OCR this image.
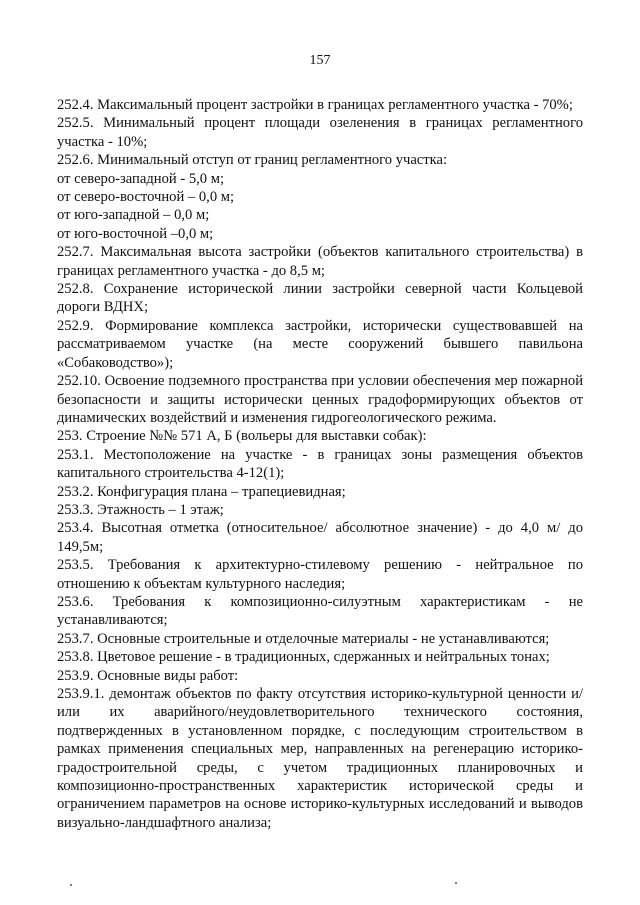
157

252.4. Максимальный процент застройки в границах регламентного участка - 70%;

252.5. Минимальный процент площади озеленения в границах регламентного участка - 10%;

252.6. Минимальный отступ от границ регламентного участка:

от северо-западной - 5,0 м;

от северо-восточной – 0,0 м;

от юго-западной – 0,0 м;

от юго-восточной –0,0 м;

252.7. Максимальная высота застройки (объектов капитального строительства) в границах регламентного участка - до 8,5 м;

252.8. Сохранение исторической линии застройки северной части Кольцевой дороги ВДНХ;

252.9. Формирование комплекса застройки, исторически существовавшей на рассматриваемом участке (на месте сооружений бывшего павильона «Собаководство»);

252.10. Освоение подземного пространства при условии обеспечения мер пожарной безопасности и защиты исторически ценных градоформирующих объектов от динамических воздействий и изменения гидрогеологического режима.

253. Строение №№ 571 А, Б (вольеры для выставки собак):

253.1. Местоположение на участке - в границах зоны размещения объектов капитального строительства 4-12(1);

253.2. Конфигурация плана – трапециевидная;

253.3. Этажность – 1 этаж;

253.4. Высотная отметка (относительное/ абсолютное значение) - до 4,0 м/ до 149,5м;

253.5. Требования к архитектурно-стилевому решению - нейтральное по отношению к объектам культурного наследия;

253.6. Требования к композиционно-силуэтным характеристикам - не устанавливаются;

253.7. Основные строительные и отделочные материалы - не устанавливаются;

253.8. Цветовое решение - в традиционных, сдержанных и нейтральных тонах;

253.9. Основные виды работ:

253.9.1. демонтаж объектов по факту отсутствия историко-культурной ценности и/или их аварийного/неудовлетворительного технического состояния, подтвержденных в установленном порядке, с последующим строительством в рамках применения специальных мер, направленных на регенерацию историко-градостроительной среды, с учетом традиционных планировочных и композиционно-пространственных характеристик исторической среды и ограничением параметров на основе историко-культурных исследований и выводов визуально-ландшафтного анализа;
